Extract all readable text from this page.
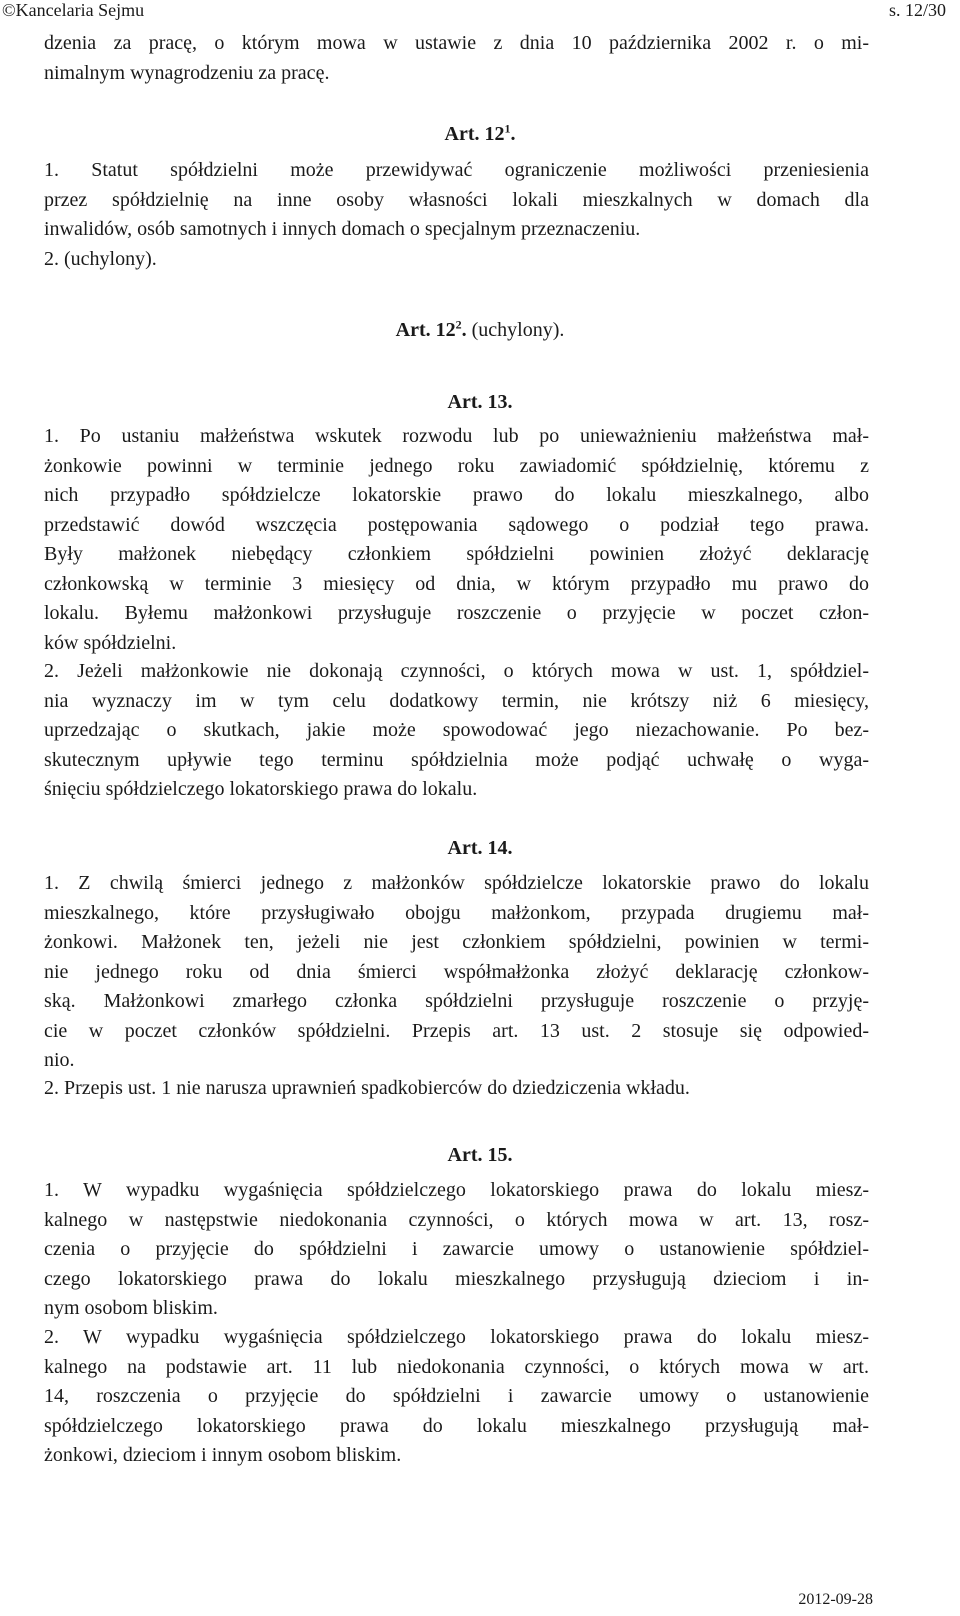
©Kancelaria Sejmu	s. 12/30
dzenia za pracę, o którym mowa w ustawie z dnia 10 października 2002 r. o mi-
nimalnym wynagrodzeniu za pracę.
Art. $12^1$.
1. Statut spółdzielni może przewidywać ograniczenie możliwości przeniesienia
przez spółdzielnię na inne osoby własności lokali mieszkalnych w domach dla
inwalidów, osób samotnych i innych domach o specjalnym przeznaczeniu.
2. (uchylony).
Art. $12^2$. (uchylony).
Art. 13.
1. Po ustaniu małżeństwa wskutek rozwodu lub po unieważnieniu małżeństwa mał-
żonkowie powinni w terminie jednego roku zawiadomić spółdzielnię, któremu z
nich przypadło spółdzielcze lokatorskie prawo do lokalu mieszkalnego, albo
przedstawić dowód wszczęcia postępowania sądowego o podział tego prawa.
Były małżonek niebędący członkiem spółdzielni powinien złożyć deklarację
członkowską w terminie 3 miesięcy od dnia, w którym przypadło mu prawo do
lokalu. Byłemu małżonkowi przysługuje roszczenie o przyjęcie w poczet człon-
ków spółdzielni.
2. Jeżeli małżonkowie nie dokonają czynności, o których mowa w ust. 1, spółdziel-
nia wyznaczy im w tym celu dodatkowy termin, nie krótszy niż 6 miesięcy,
uprzedzając o skutkach, jakie może spowodować jego niezachowanie. Po bez-
skutecznym upływie tego terminu spółdzielnia może podjąć uchwałę o wyga-
śnięciu spółdzielczego lokatorskiego prawa do lokalu.
Art. 14.
1. Z chwilą śmierci jednego z małżonków spółdzielcze lokatorskie prawo do lokalu
mieszkalnego, które przysługiwało obojgu małżonkom, przypada drugiemu mał-
żonkowi. Małżonek ten, jeżeli nie jest członkiem spółdzielni, powinien w termi-
nie jednego roku od dnia śmierci współmałżonka złożyć deklarację członkow-
ską. Małżonkowi zmarłego członka spółdzielni przysługuje roszczenie o przyję-
cie w poczet członków spółdzielni. Przepis art. 13 ust. 2 stosuje się odpowied-
nio.
2. Przepis ust. 1 nie narusza uprawnień spadkobierców do dziedziczenia wkładu.
Art. 15.
1. W wypadku wygaśnięcia spółdzielczego lokatorskiego prawa do lokalu miesz-
kalnego w następstwie niedokonania czynności, o których mowa w art. 13, rosz-
czenia o przyjęcie do spółdzielni i zawarcie umowy o ustanowienie spółdziel-
czego lokatorskiego prawa do lokalu mieszkalnego przysługują dzieciom i in-
nym osobom bliskim.
2. W wypadku wygaśnięcia spółdzielczego lokatorskiego prawa do lokalu miesz-
kalnego na podstawie art. 11 lub niedokonania czynności, o których mowa w art.
14, roszczenia o przyjęcie do spółdzielni i zawarcie umowy o ustanowienie
spółdzielczego lokatorskiego prawa do lokalu mieszkalnego przysługują mał-
żonkowi, dzieciom i innym osobom bliskim.
2012-09-28
